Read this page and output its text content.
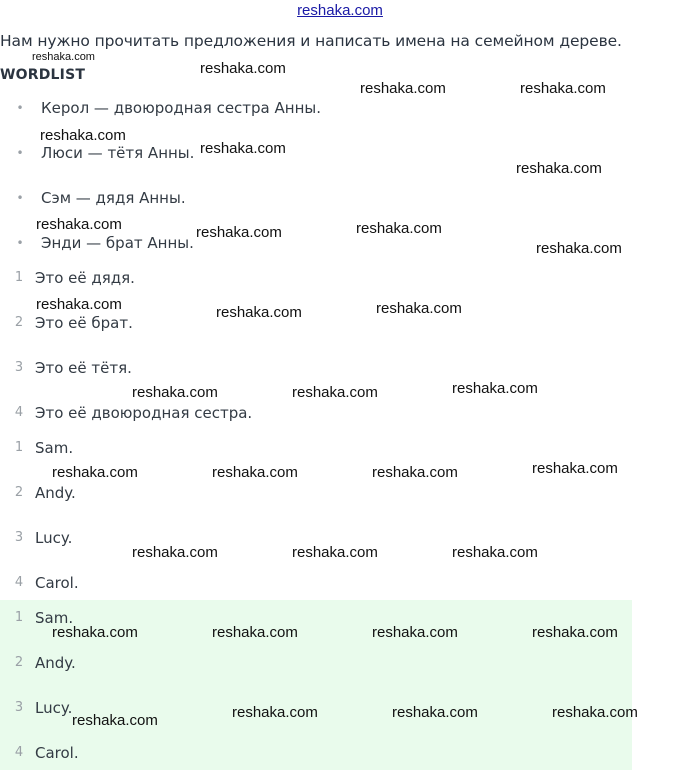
reshaka.com
Нам нужно прочитать предложения и написать имена на семейном дереве.
WORDLIST
• Керол — двоюродная сестра Анны.
• Люси — тётя Анны.
• Сэм — дядя Анны.
• Энди — брат Анны.
1 Это её дядя.
2 Это её брат.
3 Это её тётя.
4 Это её двоюродная сестра.
1 Sam.
2 Andy.
3 Lucy.
4 Carol.
1 Sam.
2 Andy.
3 Lucy.
4 Carol.
reshaka.com
reshaka.com
reshaka.com	reshaka.com
reshaka.com
reshaka.com
reshaka.com
reshaka.com	reshaka.com	reshaka.com
reshaka.com
reshaka.com	reshaka.com	reshaka.com
reshaka.com	reshaka.com	reshaka.com
reshaka.com	reshaka.com	reshaka.com	reshaka.com
reshaka.com	reshaka.com	reshaka.com
reshaka.com	reshaka.com	reshaka.com	reshaka.com
reshaka.com	reshaka.com	reshaka.com	reshaka.com
